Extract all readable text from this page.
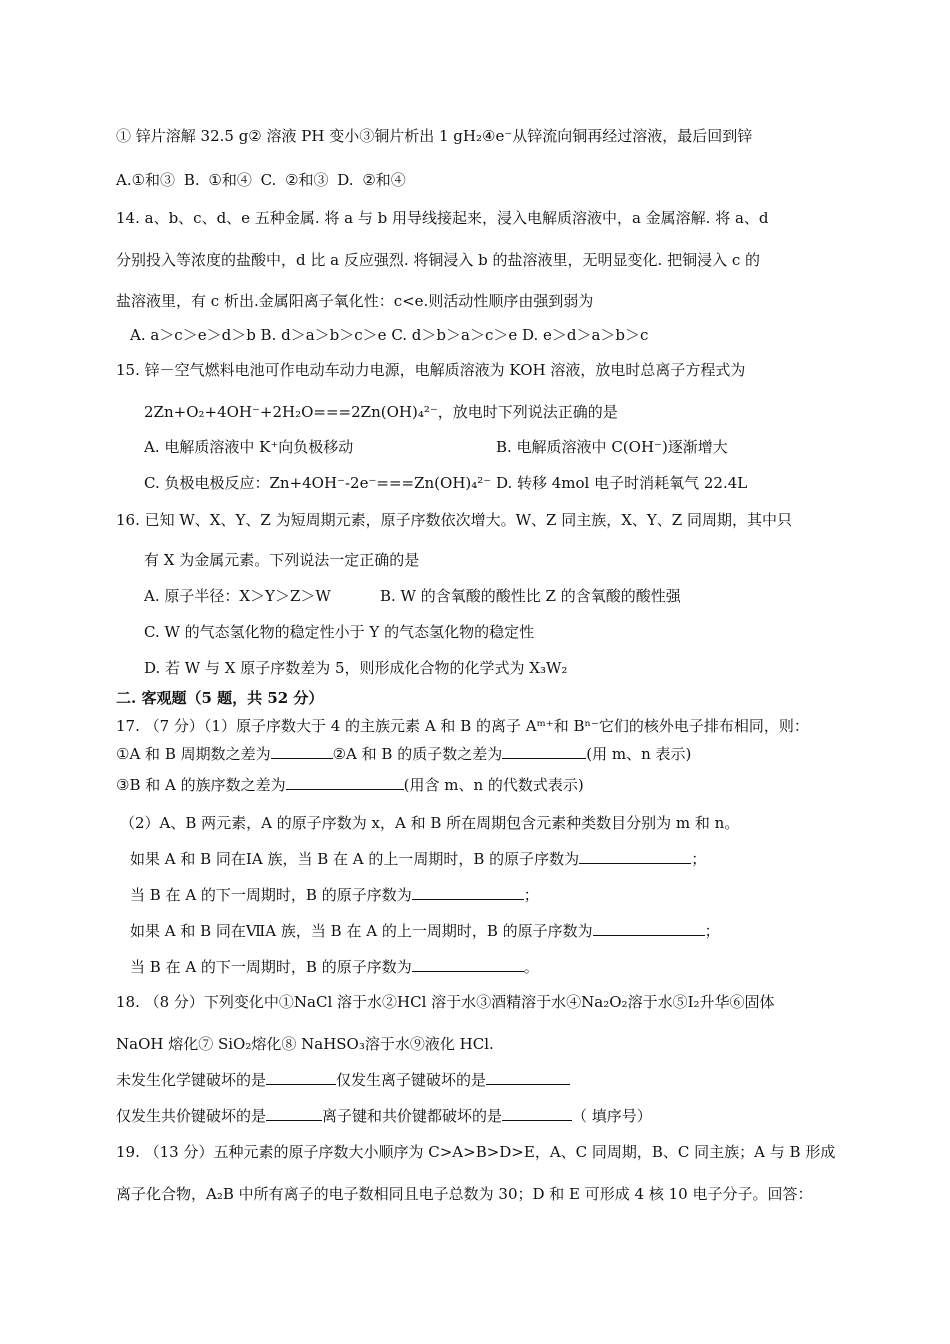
① 锌片溶解 32.5 g② 溶液 PH 变小③铜片析出 1 gH₂④e⁻从锌流向铜再经过溶液，最后回到锌
A.①和③ B. ①和④ C. ②和③ D. ②和④
14. a、b、c、d、e 五种金属. 将 a 与 b 用导线接起来，浸入电解质溶液中，a 金属溶解. 将 a、d
分别投入等浓度的盐酸中，d 比 a 反应强烈. 将铜浸入 b 的盐溶液里，无明显变化. 把铜浸入 c 的
盐溶液里，有 c 析出.金属阳离子氧化性：c<e.则活动性顺序由强到弱为
A. a＞c＞e＞d＞b B. d＞a＞b＞c＞e C. d＞b＞a＞c＞e D. e＞d＞a＞b＞c
15. 锌－空气燃料电池可作电动车动力电源，电解质溶液为 KOH 溶液，放电时总离子方程式为
2Zn+O₂+4OH⁻+2H₂O===2Zn(OH)₄²⁻，放电时下列说法正确的是
A. 电解质溶液中 K⁺向负极移动	B. 电解质溶液中 C(OH⁻)逐渐增大
C. 负极电极反应：Zn+4OH⁻-2e⁻===Zn(OH)₄²⁻ D. 转移 4mol 电子时消耗氧气 22.4L
16. 已知 W、X、Y、Z 为短周期元素，原子序数依次增大。W、Z 同主族，X、Y、Z 同周期，其中只
有 X 为金属元素。下列说法一定正确的是
A. 原子半径：X＞Y＞Z＞W	B. W 的含氧酸的酸性比 Z 的含氧酸的酸性强
C. W 的气态氢化物的稳定性小于 Y 的气态氢化物的稳定性
D. 若 W 与 X 原子序数差为 5，则形成化合物的化学式为 X₃W₂
二. 客观题（5 题，共 52 分）
17. （7 分）（1）原子序数大于 4 的主族元素 A 和 B 的离子 Aᵐ⁺和 Bⁿ⁻它们的核外电子排布相同，则：
①A 和 B 周期数之差为	②A 和 B 的质子数之差为	(用 m、n 表示)
③B 和 A 的族序数之差为	(用含 m、n 的代数式表示)
（2）A、B 两元素，A 的原子序数为 x，A 和 B 所在周期包含元素种类数目分别为 m 和 n。
如果 A 和 B 同在ⅠA 族，当 B 在 A 的上一周期时，B 的原子序数为	；
当 B 在 A 的下一周期时，B 的原子序数为	；
如果 A 和 B 同在ⅦA 族，当 B 在 A 的上一周期时，B 的原子序数为	；
当 B 在 A 的下一周期时，B 的原子序数为	。
18. （8 分）下列变化中①NaCl 溶于水②HCl 溶于水③酒精溶于水④Na₂O₂溶于水⑤I₂升华⑥固体
NaOH 熔化⑦ SiO₂熔化⑧ NaHSO₃溶于水⑨液化 HCl.
未发生化学键破坏的是	仅发生离子键破坏的是
仅发生共价键破坏的是	离子键和共价键都破坏的是	（ 填序号）
19. （13 分）五种元素的原子序数大小顺序为 C>A>B>D>E，A、C 同周期，B、C 同主族；A 与 B 形成
离子化合物，A₂B 中所有离子的电子数相同且电子总数为 30；D 和 E 可形成 4 核 10 电子分子。回答：
